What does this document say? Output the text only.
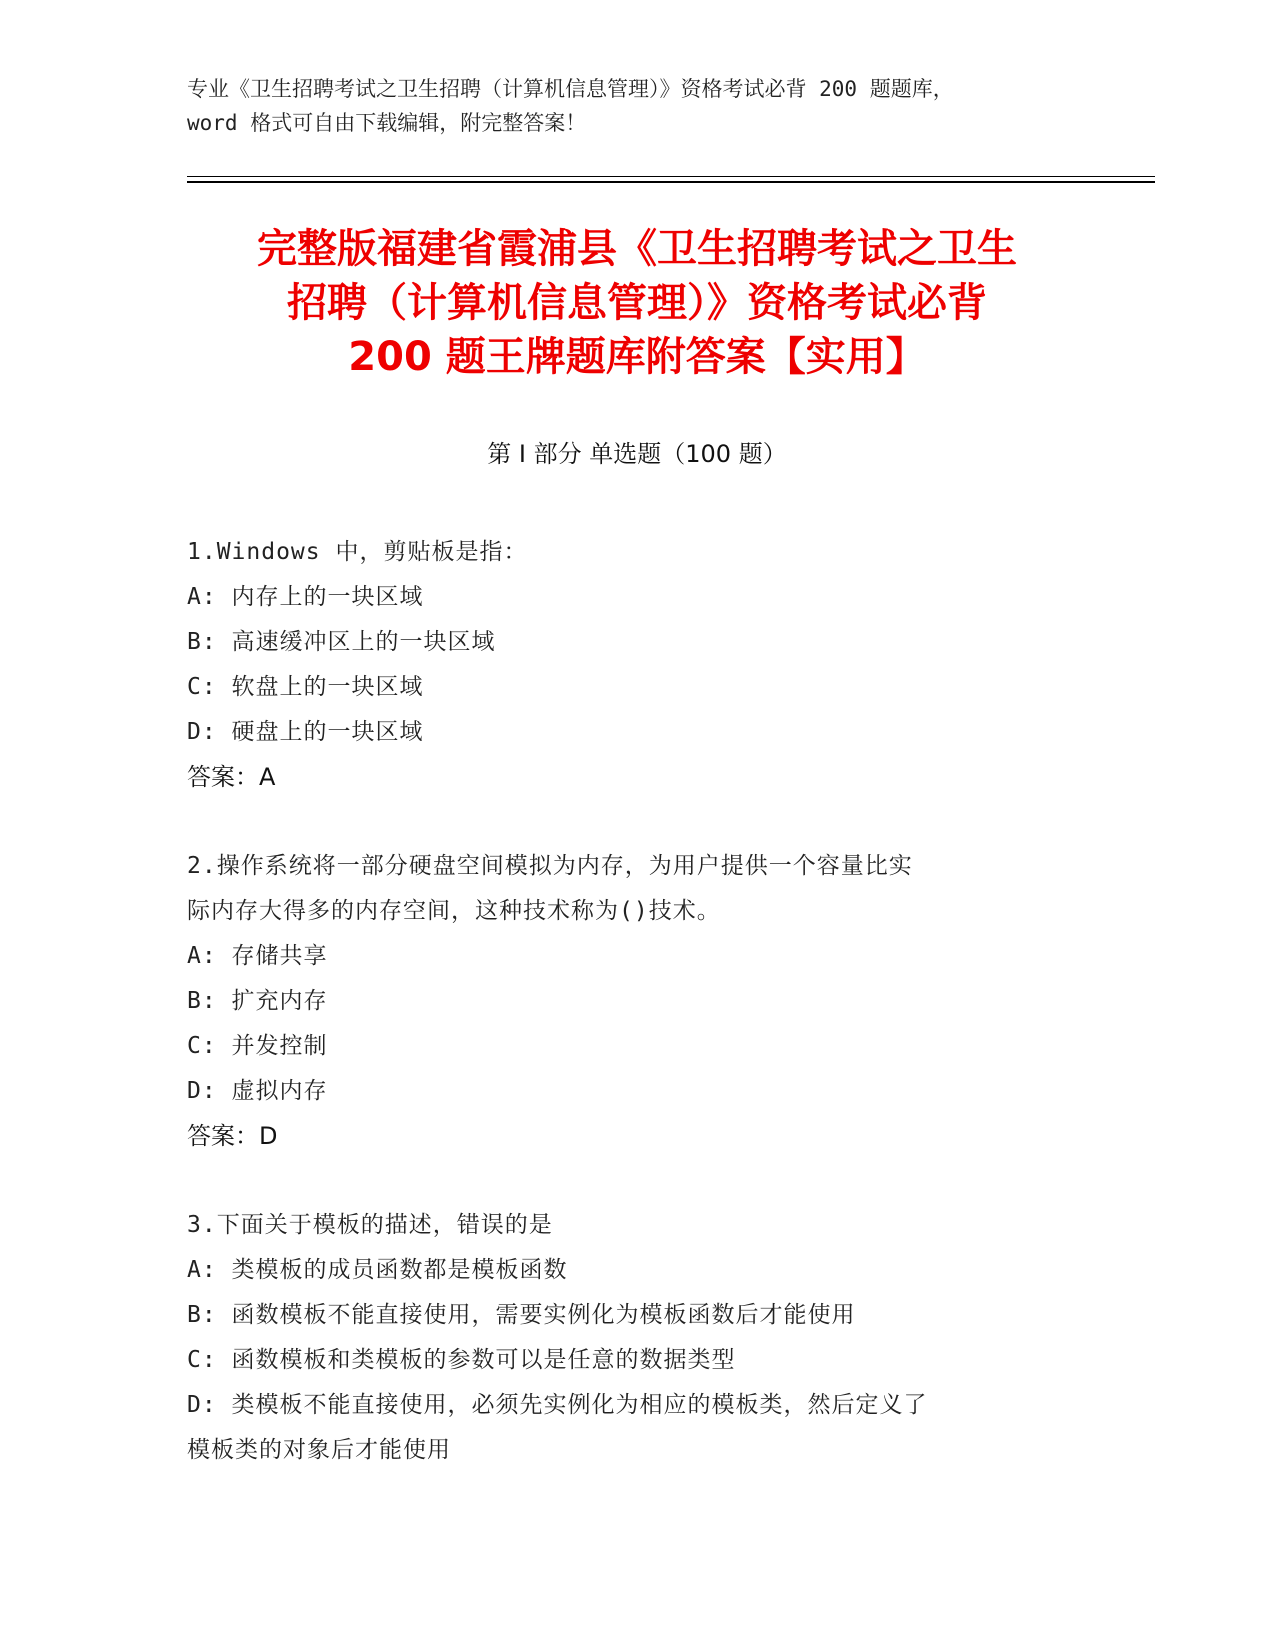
专业《卫生招聘考试之卫生招聘（计算机信息管理）》资格考试必背 200 题题库，
word 格式可自由下载编辑，附完整答案！
完整版福建省霞浦县《卫生招聘考试之卫生
招聘（计算机信息管理）》资格考试必背
200 题王牌题库附答案【实用】
第 I 部分 单选题（100 题）

1.Windows 中，剪贴板是指：

A: 内存上的一块区域

B: 高速缓冲区上的一块区域

C: 软盘上的一块区域

D: 硬盘上的一块区域

答案：A

2.操作系统将一部分硬盘空间模拟为内存，为用户提供一个容量比实

际内存大得多的内存空间，这种技术称为()技术。

A: 存储共享

B: 扩充内存

C: 并发控制

D: 虚拟内存

答案：D

3.下面关于模板的描述，错误的是

A: 类模板的成员函数都是模板函数

B: 函数模板不能直接使用，需要实例化为模板函数后才能使用

C: 函数模板和类模板的参数可以是任意的数据类型

D: 类模板不能直接使用，必须先实例化为相应的模板类，然后定义了

模板类的对象后才能使用
